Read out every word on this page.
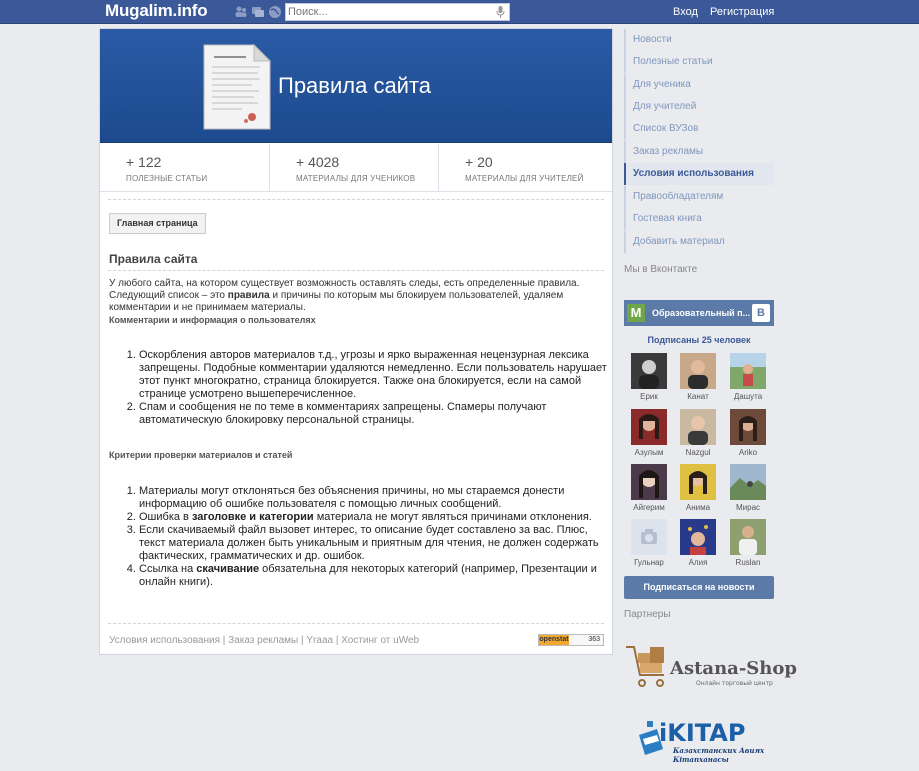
Mugalim.info
Поиск...	Вход Регистрация
Правила сайта
+ 122
ПОЛЕЗНЫЕ СТАТЬИ
+ 4028
МАТЕРИАЛЫ ДЛЯ УЧЕНИКОВ
+ 20
МАТЕРИАЛЫ ДЛЯ УЧИТЕЛЕЙ
Главная страница
Правила сайта
У любого сайта, на котором существует возможность оставлять следы, есть определенные правила. Следующий список – это правила и причины по которым мы блокируем пользователей, удаляем комментарии и не принимаем материалы.
Комментарии и информация о пользователях
1. Оскорбления авторов материалов т.д., угрозы и ярко выраженная нецензурная лексика запрещены. Подобные комментарии удаляются немедленно. Если пользователь нарушает этот пункт многократно, страница блокируется. Также она блокируется, если на самой странице усмотрено вышеперечисленное.
2. Спам и сообщения не по теме в комментариях запрещены. Спамеры получают автоматическую блокировку персональной страницы.
Критерии проверки материалов и статей
1. Материалы могут отклоняться без объяснения причины, но мы стараемся донести информацию об ошибке пользователя с помощью личных сообщений.
2. Ошибка в заголовке и категории материала не могут являться причинами отклонения.
3. Если скачиваемый файл вызовет интерес, то описание будет составлено за вас. Плюс, текст материала должен быть уникальным и приятным для чтения, не должен содержать фактических, грамматических и др. ошибок.
4. Ссылка на скачивание обязательна для некоторых категорий (например, Презентации и онлайн книги).
Условия использования | Заказ рекламы | Yraaa | Хостинг от uWeb	openstat	363
Новости
Полезные статьи
Для ученика
Для учителей
Список ВУЗов
Заказ рекламы
Условия использования
Правообладателям
Гостевая книга
Добавить материал
Мы в Вконтакте
M	Образовательный п... B
Подписаны 25 человек
Ерик	Канат	Дашута
Азулым	Nazgul	Ariko
Айгерим	Анима	Мирас
Гульнар	Алия	Ruslan
Подписаться на новости
Партнеры
Astana-Shop
Онлайн торговый центр
iKITAP
Казахстанских Авиях
Кітапханасы
